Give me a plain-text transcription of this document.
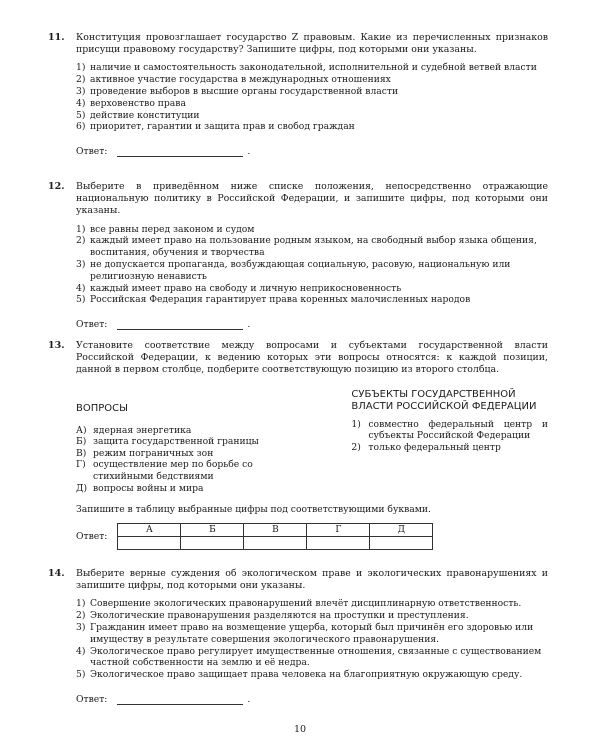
11. Конституция провозглашает государство Z правовым. Какие из перечисленных признаков присущи правовому государству? Запишите цифры, под которыми они указаны.
1) наличие и самостоятельность законодательной, исполнительной и судебной ветвей власти
2) активное участие государства в международных отношениях
3) проведение выборов в высшие органы государственной власти
4) верховенство права
5) действие конституции
6) приоритет, гарантии и защита прав и свобод граждан
Ответ:	.
12. Выберите в приведённом ниже списке положения, непосредственно отражающие национальную политику в Российской Федерации, и запишите цифры, под которыми они указаны.
1) все равны перед законом и судом
2) каждый имеет право на пользование родным языком, на свободный выбор языка общения, воспитания, обучения и творчества
3) не допускается пропаганда, возбуждающая социальную, расовую, национальную или религиозную ненависть
4) каждый имеет право на свободу и личную неприкосновенность
5) Российская Федерация гарантирует права коренных малочисленных народов
Ответ:	.
13. Установите соответствие между вопросами и субъектами государственной власти Российской Федерации, к ведению которых эти вопросы относятся: к каждой позиции, данной в первом столбце, подберите соответствующую позицию из второго столбца.
ВОПРОСЫ
А) ядерная энергетика
Б) защита государственной границы
В) режим пограничных зон
Г) осуществление мер по борьбе со стихийными бедствиями
Д) вопросы войны и мира
СУБЪЕКТЫ ГОСУДАРСТВЕННОЙ ВЛАСТИ РОССИЙСКОЙ ФЕДЕРАЦИИ
1) совместно федеральный центр и субъекты Российской Федерации
2) только федеральный центр
Запишите в таблицу выбранные цифры под соответствующими буквами.
Ответ:
А	Б	В	Г	Д

14. Выберите верные суждения об экологическом праве и экологических правонарушениях и запишите цифры, под которыми они указаны.
1) Совершение экологических правонарушений влечёт дисциплинарную ответственность.
2) Экологические правонарушения разделяются на проступки и преступления.
3) Гражданин имеет право на возмещение ущерба, который был причинён его здоровью или имуществу в результате совершения экологического правонарушения.
4) Экологическое право регулирует имущественные отношения, связанные с существованием частной собственности на землю и её недра.
5) Экологическое право защищает права человека на благоприятную окружающую среду.
Ответ:	.
10
